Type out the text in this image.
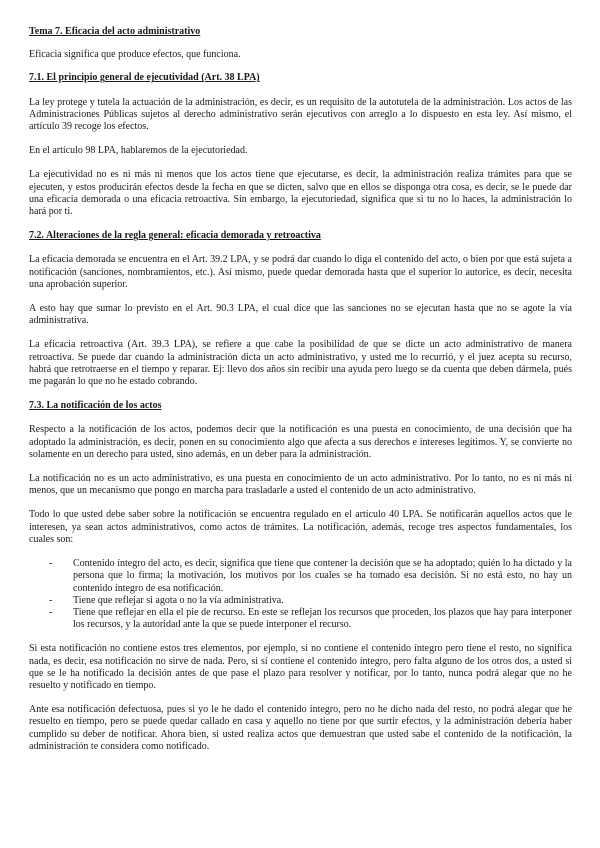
Tema 7. Eficacia del acto administrativo

Eficacia significa que produce efectos, que funciona.

7.1. El principio general de ejecutividad (Art. 38 LPA)

La ley protege y tutela la actuación de la administración, es decir, es un requisito de la autotutela de la administración. Los actos de las Administraciones Públicas sujetos al derecho administrativo serán ejecutivos con arreglo a lo dispuesto en esta ley. Así mismo, el artículo 39 recoge los efectos.

En el artículo 98 LPA, hablaremos de la ejecutoriedad.

La ejecutividad no es ni más ni menos que los actos tiene que ejecutarse, es decir, la administración realiza trámites para que se ejecuten, y estos producirán efectos desde la fecha en que se dicten, salvo que en ellos se disponga otra cosa, es decir, se le puede dar una eficacia demorada o una eficacia retroactiva. Sin embargo, la ejecutoriedad, significa que si tu no lo haces, la administración lo hará por ti.

7.2. Alteraciones de la regla general: eficacia demorada y retroactiva

La eficacia demorada se encuentra en el Art. 39.2 LPA, y se podrá dar cuando lo diga el contenido del acto, o bien por que está sujeta a notificación (sanciones, nombramientos, etc.). Así mismo, puede quedar demorada hasta que el superior lo autorice, es decir, necesita una aprobación superior.

A esto hay que sumar lo previsto en el Art. 90.3 LPA, el cual dice que las sanciones no se ejecutan hasta que no se agote la vía administrativa.

La eficacia retroactiva (Art. 39.3 LPA), se refiere a que cabe la posibilidad de que se dicte un acto administrativo de manera retroactiva. Se puede dar cuando la administración dicta un acto administrativo, y usted me lo recurrió, y el juez acepta su recurso, habrá que retrotraerse en el tiempo y reparar. Ej: llevo dos años sin recibir una ayuda pero luego se da cuenta que deben dármela, pués me pagarán lo que no he estado cobrando.

7.3. La notificación de los actos

Respecto a la notificación de los actos, podemos decir que la notificación es una puesta en conocimiento, de una decisión que ha adoptado la administración, es decir, ponen en su conocimiento algo que afecta a sus derechos e intereses legítimos. Y, se convierte no solamente en un derecho para usted, sino además, en un deber para la administración.

La notificación no es un acto administrativo, es una puesta en conocimiento de un acto administrativo. Por lo tanto, no es ni más ni menos, que un mecanismo que pongo en marcha para trasladarle a usted el contenido de un acto administrativo.

Todo lo que usted debe saber sobre la notificación se encuentra regulado en el artículo 40 LPA. Se notificarán aquellos actos que le interesen, ya sean actos administrativos, como actos de trámites. La notificación, además, recoge tres aspectos fundamentales, los cuales son:

- Contenido íntegro del acto, es decir, significa que tiene que contener la decisión que se ha adoptado; quién lo ha dictado y la persona que lo firma; la motivación, los motivos por los cuales se ha tomado esa decisión. Si no está esto, no hay un contenido íntegro de esa notificación.
- Tiene que reflejar si agota o no la vía administrativa.
- Tiene que reflejar en ella el pie de recurso. En este se reflejan los recursos que proceden, los plazos que hay para interponer los recursos, y la autoridad ante la que se puede interponer el recurso.

Si esta notificación no contiene estos tres elementos, por ejemplo, si no contiene el contenido íntegro pero tiene el resto, no significa nada, es decir, esa notificación no sirve de nada. Pero, si sí contiene el contenido íntegro, pero falta alguno de los otros dos, a usted si que se le ha notificado la decisión antes de que pase el plazo para resolver y notificar, por lo tanto, nunca podrá alegar que no he resuelto y notificado en tiempo.

Ante esa notificación defectuosa, pues si yo le he dado el contenido íntegro, pero no he dicho nada del resto, no podrá alegar que he resuelto en tiempo, pero se puede quedar callado en casa y aquello no tiene por que surtir efectos, y la administración debería haber cumplido su deber de notificar. Ahora bien, si usted realiza actos que demuestran que usted sabe el contenido de la notificación, la administración te considera como notificado.
